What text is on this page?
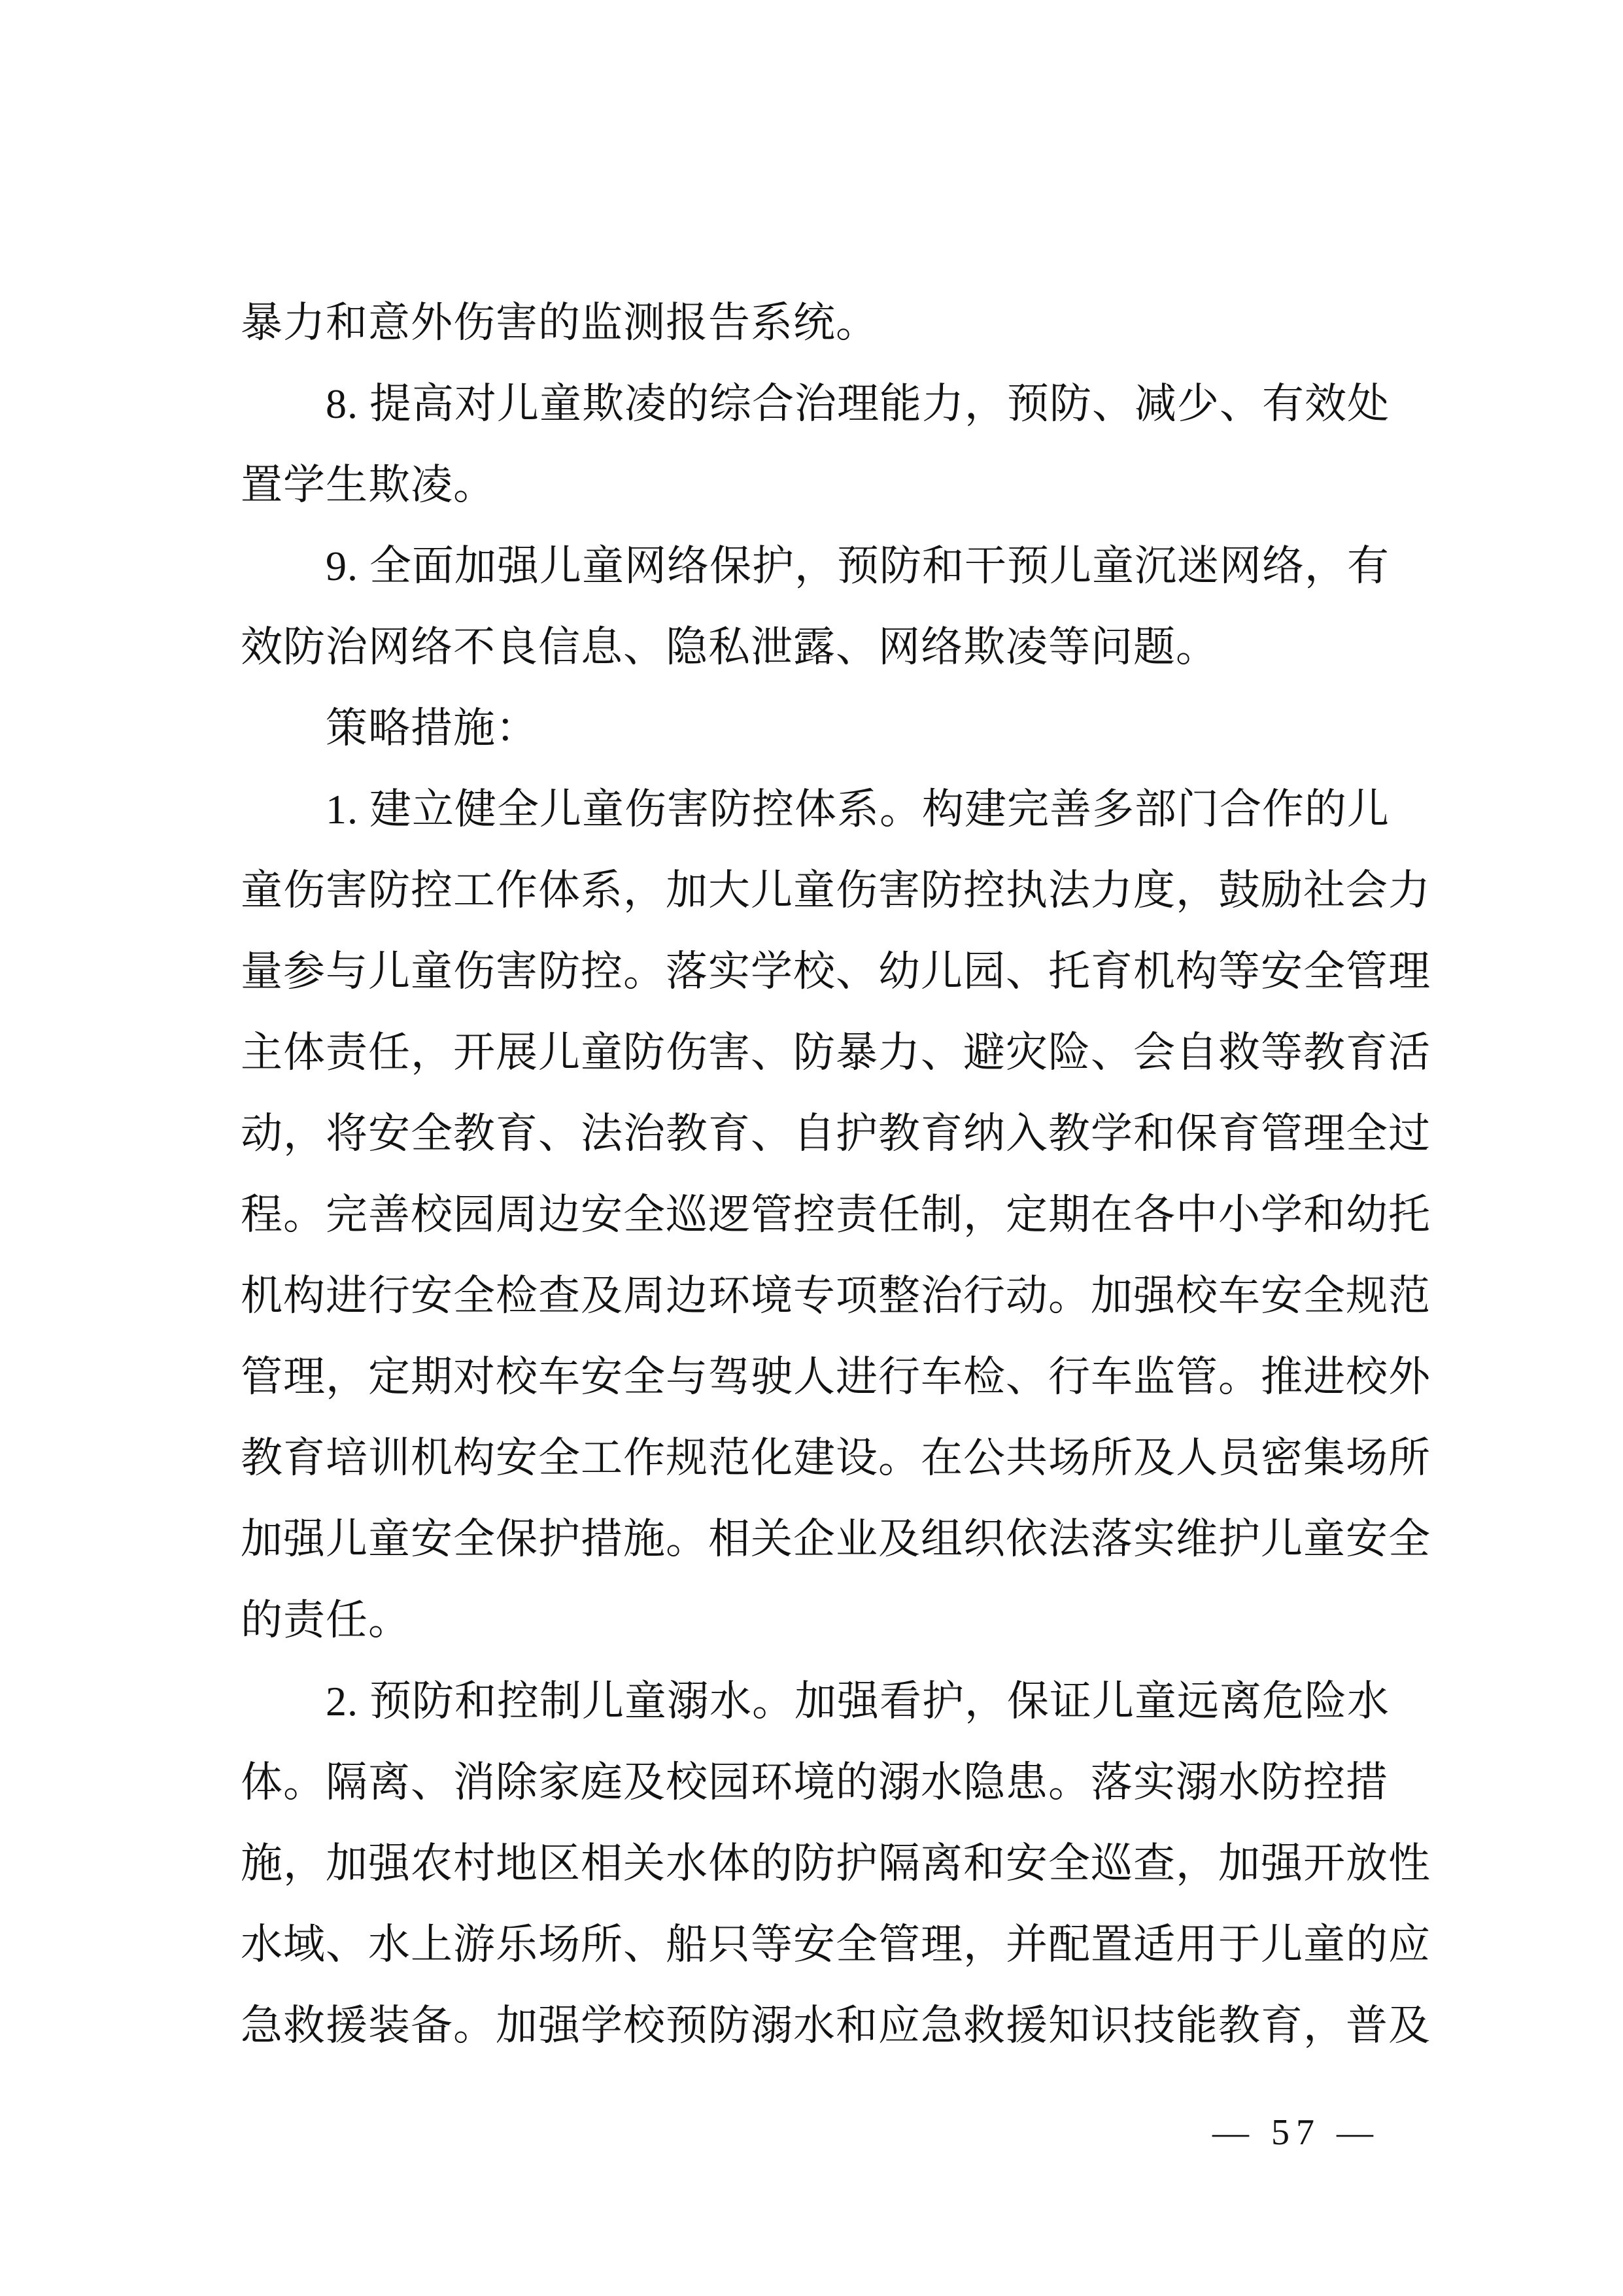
暴力和意外伤害的监测报告系统。
8. 提高对儿童欺凌的综合治理能力，预防、减少、有效处
置学生欺凌。
9. 全面加强儿童网络保护，预防和干预儿童沉迷网络，有
效防治网络不良信息、隐私泄露、网络欺凌等问题。
策略措施：
1. 建立健全儿童伤害防控体系。构建完善多部门合作的儿
童伤害防控工作体系，加大儿童伤害防控执法力度，鼓励社会力
量参与儿童伤害防控。落实学校、幼儿园、托育机构等安全管理
主体责任，开展儿童防伤害、防暴力、避灾险、会自救等教育活
动，将安全教育、法治教育、自护教育纳入教学和保育管理全过
程。完善校园周边安全巡逻管控责任制，定期在各中小学和幼托
机构进行安全检查及周边环境专项整治行动。加强校车安全规范
管理，定期对校车安全与驾驶人进行车检、行车监管。推进校外
教育培训机构安全工作规范化建设。在公共场所及人员密集场所
加强儿童安全保护措施。相关企业及组织依法落实维护儿童安全
的责任。
2. 预防和控制儿童溺水。加强看护，保证儿童远离危险水
体。隔离、消除家庭及校园环境的溺水隐患。落实溺水防控措
施，加强农村地区相关水体的防护隔离和安全巡查，加强开放性
水域、水上游乐场所、船只等安全管理，并配置适用于儿童的应
急救援装备。加强学校预防溺水和应急救援知识技能教育，普及
— 57 —
